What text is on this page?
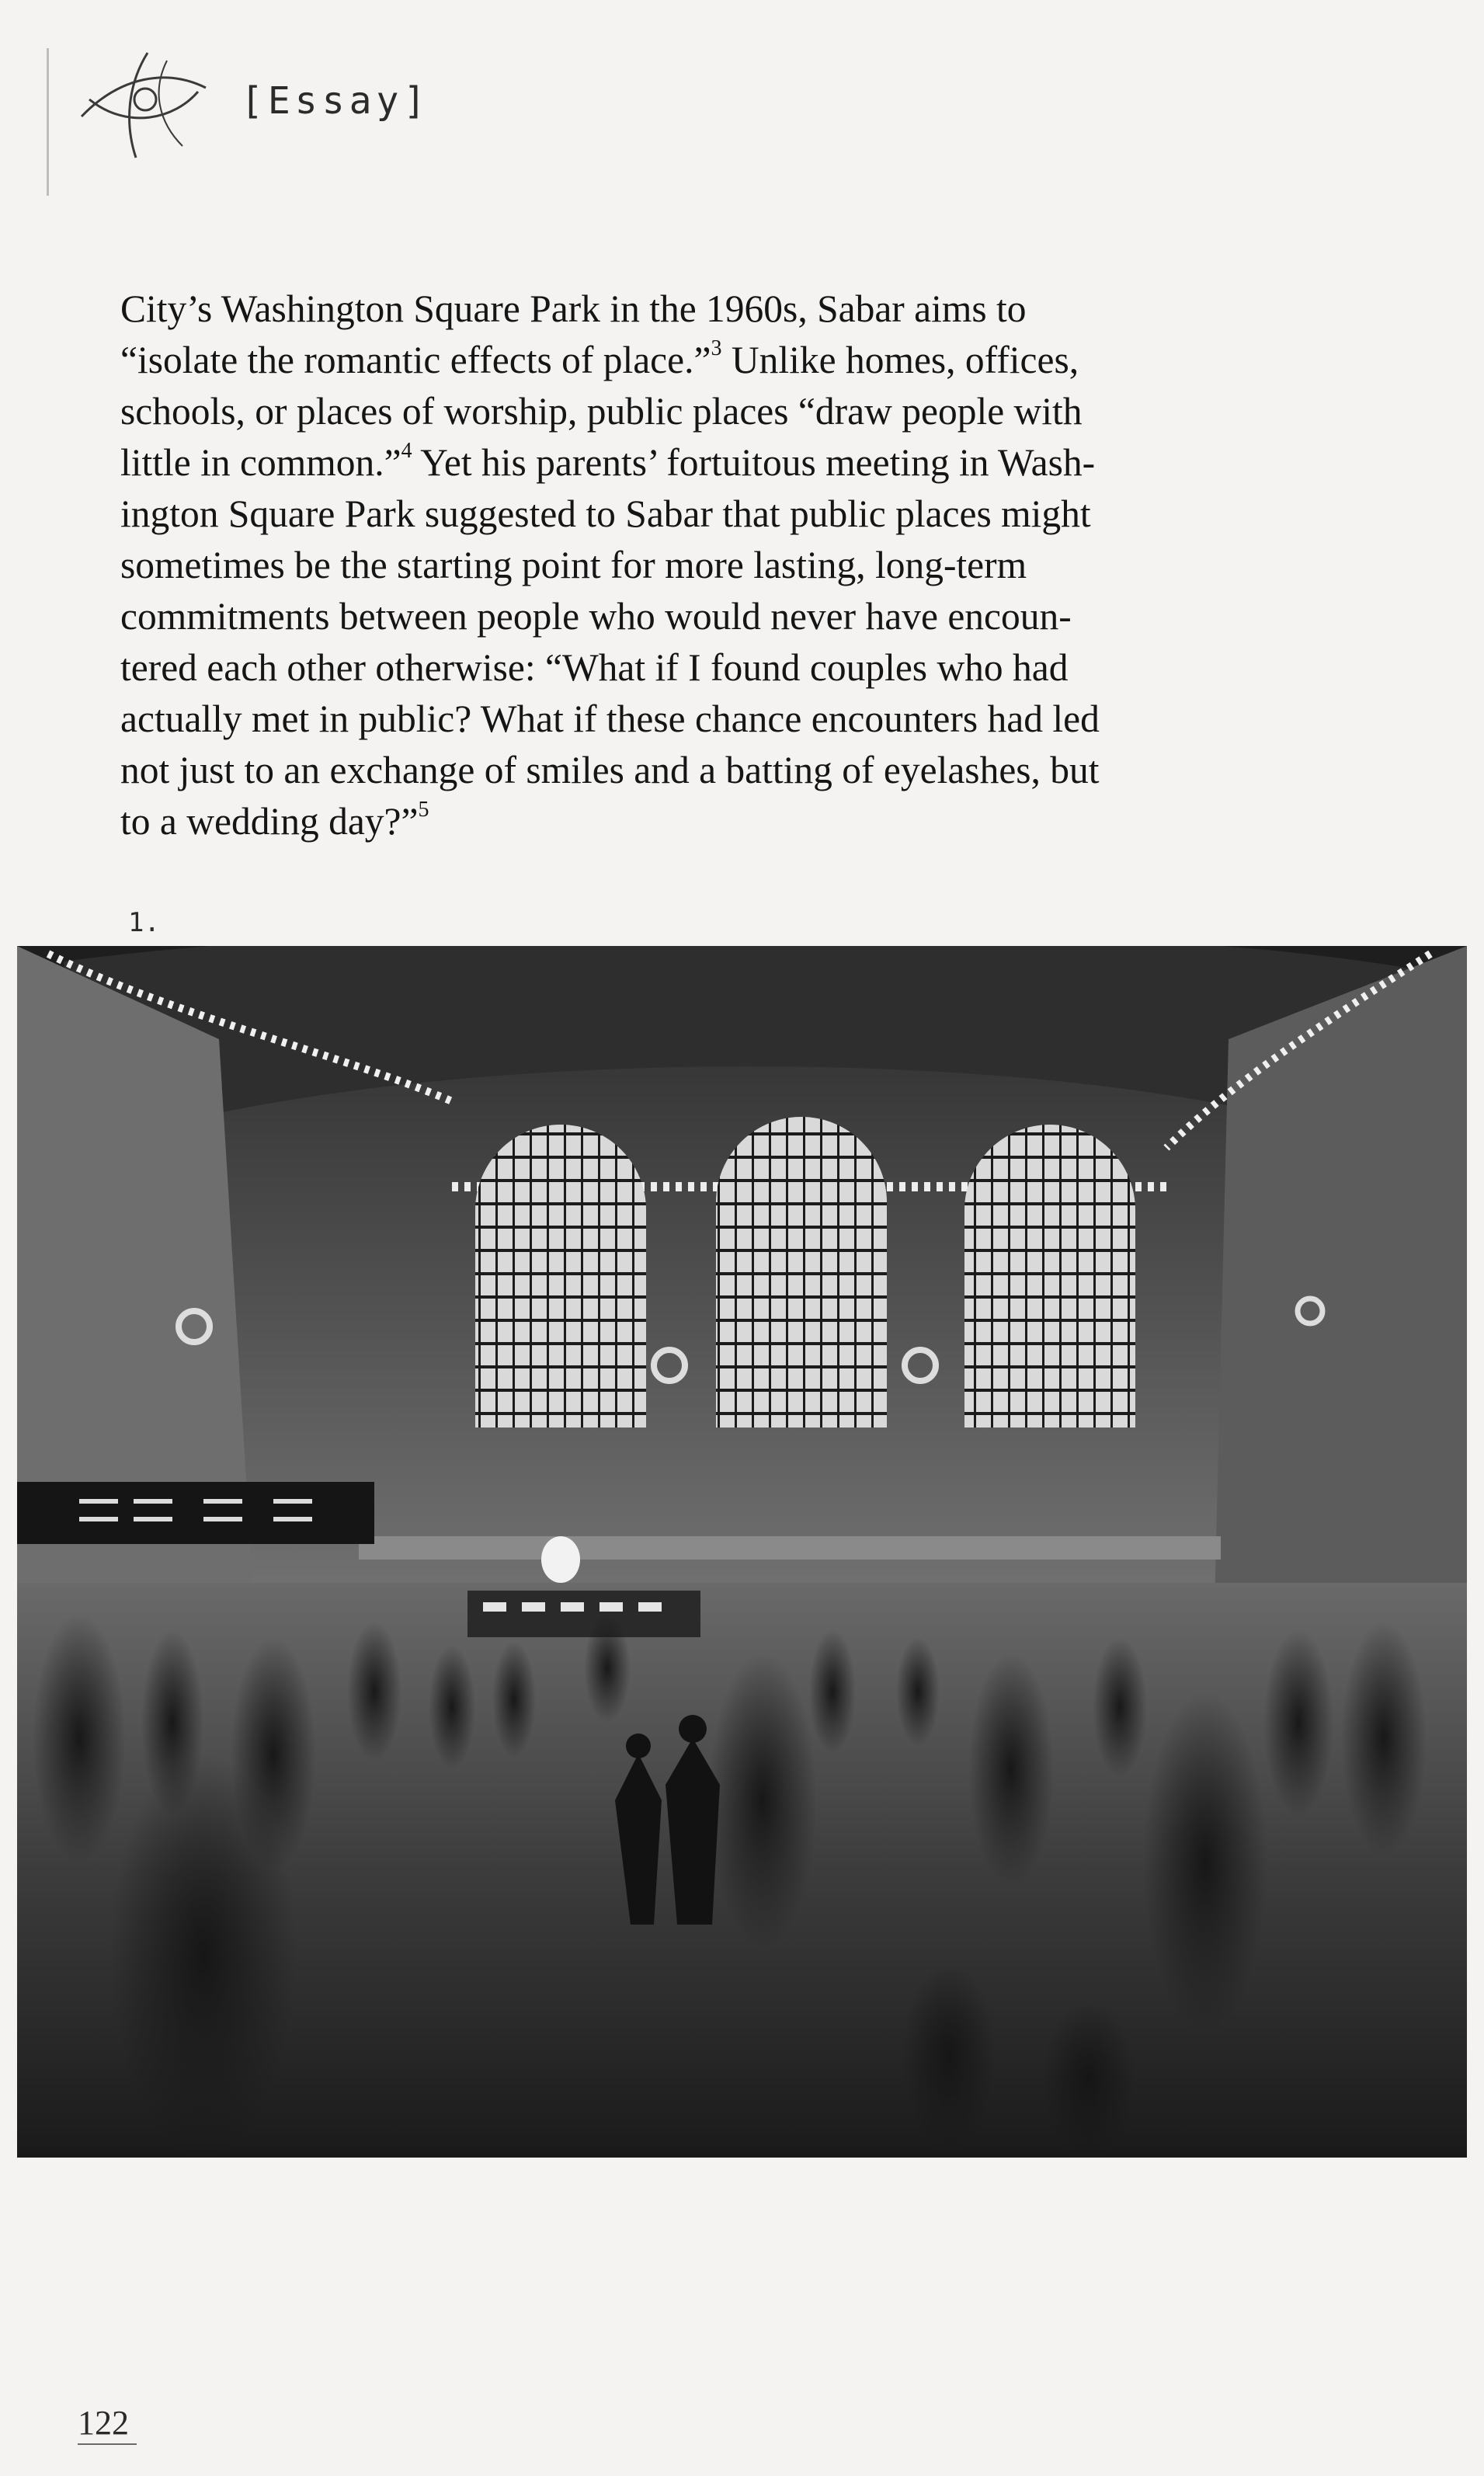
[Essay]

City’s Washington Square Park in the 1960s, Sabar aims to

“isolate the romantic effects of place.”$^3$ Unlike homes, offices,

schools, or places of worship, public places “draw people with

little in common.”$^4$ Yet his parents’ fortuitous meeting in Wash-

ington Square Park suggested to Sabar that public places might

sometimes be the starting point for more lasting, long-term

commitments between people who would never have encoun-

tered each other otherwise: “What if I found couples who had

actually met in public? What if these chance encounters had led

not just to an exchange of smiles and a batting of eyelashes, but

to a wedding day?”$^5$

1.
122
